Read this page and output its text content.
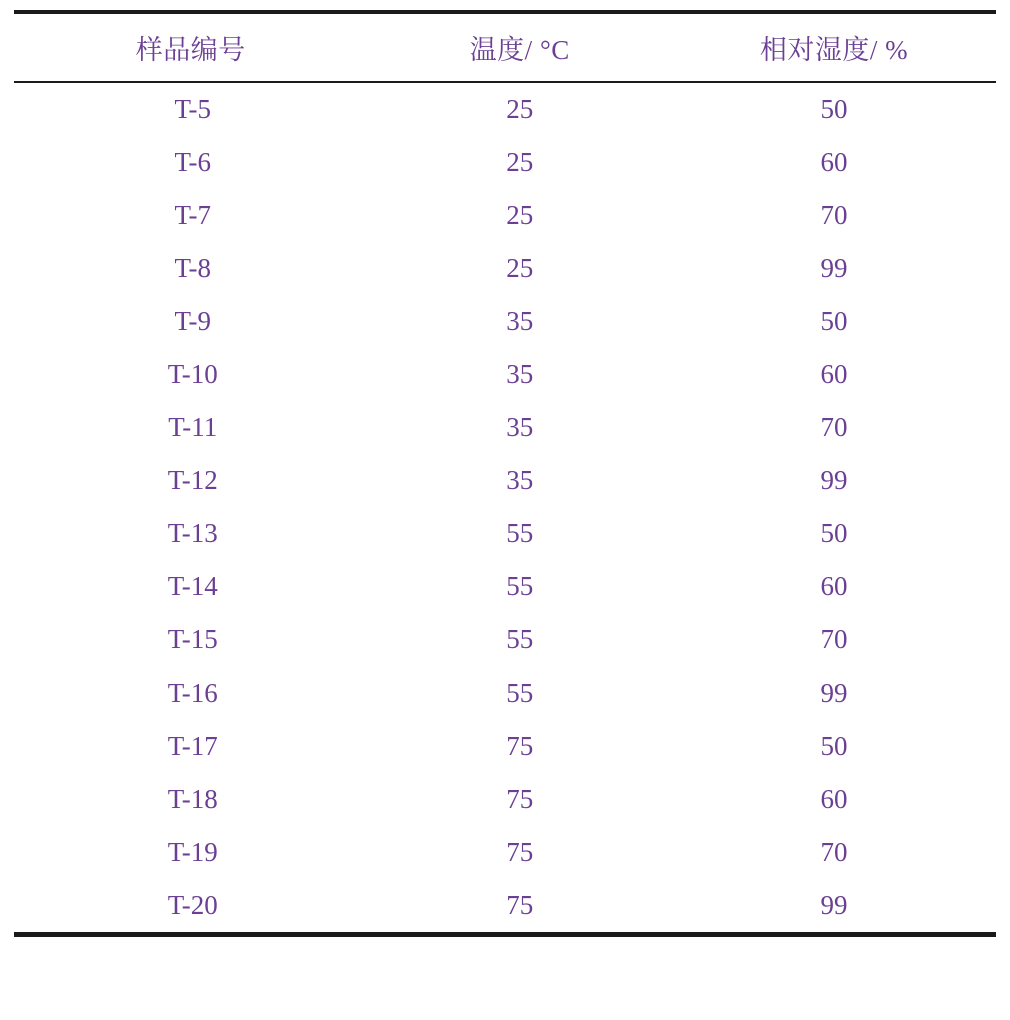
样品编号	温度/ °C	相对湿度/ %
T-5	25	50
T-6	25	60
T-7	25	70
T-8	25	99
T-9	35	50
T-10	35	60
T-11	35	70
T-12	35	99
T-13	55	50
T-14	55	60
T-15	55	70
T-16	55	99
T-17	75	50
T-18	75	60
T-19	75	70
T-20	75	99
